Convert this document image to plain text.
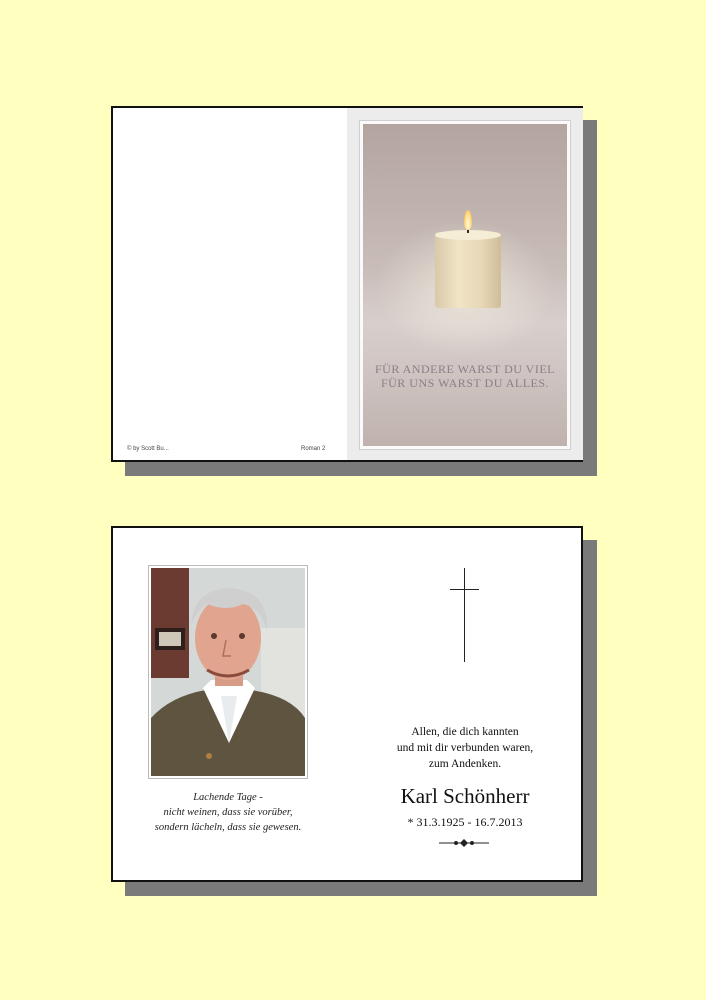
© by Scott Bu...	Roman 2
FÜR ANDERE WARST DU VIEL
FÜR UNS WARST DU ALLES.
Lachende Tage -
nicht weinen, dass sie vorüber,
sondern lächeln, dass sie gewesen.
Allen, die dich kannten
und mit dir verbunden waren,
zum Andenken.
Karl Schönherr
* 31.3.1925 - 16.7.2013
